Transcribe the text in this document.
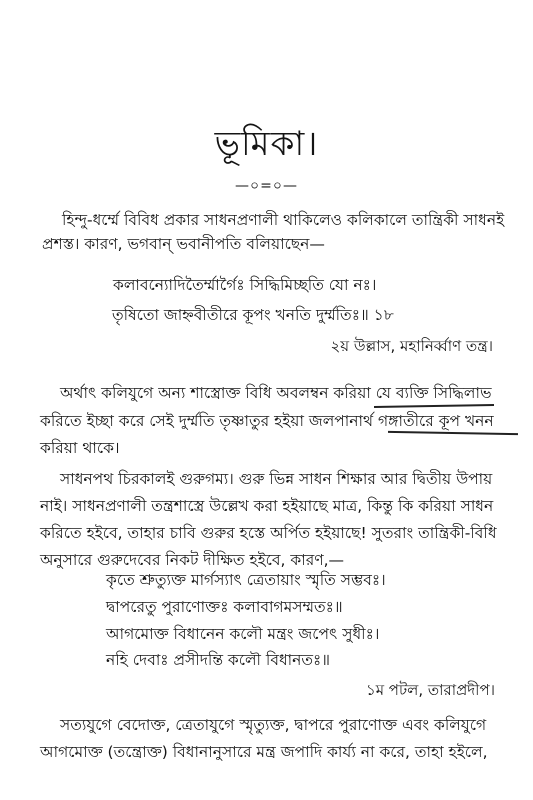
ভূমিকা।
—০=০—
হিন্দু-ধর্ম্মে বিবিধ প্রকার সাধনপ্রণালী থাকিলেও কলিকালে তান্ত্রিকী সাধনই
প্রশস্ত। কারণ, ভগবান্ ভবানীপতি বলিয়াছেন—
কলাবন্যোদিতৈর্ম্মার্গৈঃ সিদ্ধিমিচ্ছতি যো নঃ।
তৃষিতো জাহ্নবীতীরে কূপং খনতি দুর্ম্মতিঃ॥ ১৮
২য় উল্লাস, মহানির্ব্বাণ তন্ত্র।
অর্থাৎ কলিযুগে অন্য শাস্ত্রোক্ত বিধি অবলম্বন করিয়া যে ব্যক্তি সিদ্ধিলাভ
করিতে ইচ্ছা করে সেই দুর্ম্মতি তৃষ্ণাতুর হইয়া জলপানার্থ গঙ্গাতীরে কূপ খনন
করিয়া থাকে।
সাধনপথ চিরকালই গুরুগম্য। গুরু ভিন্ন সাধন শিক্ষার আর দ্বিতীয় উপায়
নাই। সাধনপ্রণালী তন্ত্রশাস্ত্রে উল্লেখ করা হইয়াছে মাত্র, কিন্তু কি করিয়া সাধন
করিতে হইবে, তাহার চাবি গুরুর হস্তে অর্পিত হইয়াছে! সুতরাং তান্ত্রিকী-বিধি
অনুসারে গুরুদেবের নিকট দীক্ষিত হইবে, কারণ,—
কৃতে শ্রুত্যুক্ত মার্গস্যাৎ ত্রেতায়াং স্মৃতি সম্ভবঃ।
দ্বাপরেতু পুরাণোক্তঃ কলাবাগমসম্মতঃ॥
আগমোক্ত বিধানেন কলৌ মন্ত্রং জপেৎ সুধীঃ।
নহি দেবাঃ প্রসীদন্তি কলৌ বিধানতঃ॥
১ম পটল, তারাপ্রদীপ।
সত্যযুগে বেদোক্ত, ত্রেতাযুগে স্মৃত্যুক্ত, দ্বাপরে পুরাণোক্ত এবং কলিযুগে
আগমোক্ত (তন্ত্রোক্ত) বিধানানুসারে মন্ত্র জপাদি কার্য্য না করে, তাহা হইলে,
